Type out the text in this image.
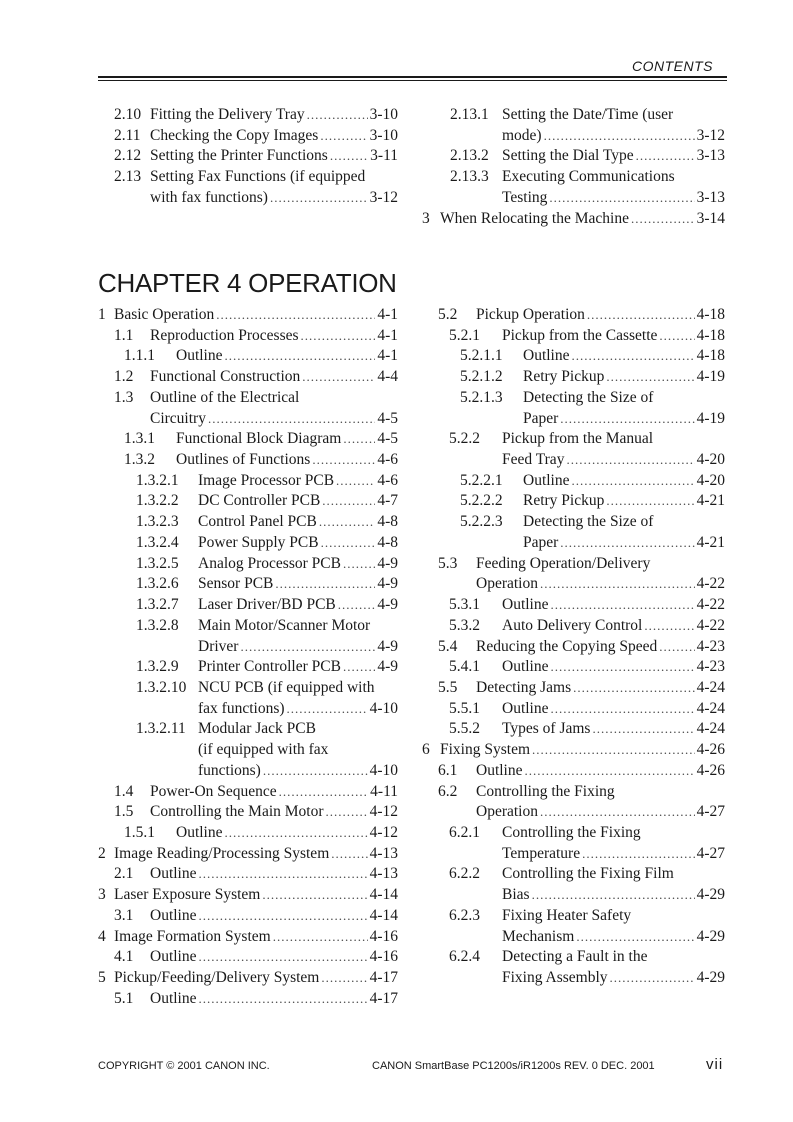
CONTENTS
2.10 Fitting the Delivery Tray .....	3-10
2.11 Checking the Copy Images .....	3-10
2.12 Setting the Printer Functions .....	3-11
2.13 Setting Fax Functions (if equipped
with fax functions) .....	3-12
2.13.1 Setting the Date/Time (user
mode) .....	3-12
2.13.2 Setting the Dial Type .....	3-13
2.13.3 Executing Communications
Testing .....	3-13
3 When Relocating the Machine .....	3-14
CHAPTER 4 OPERATION
1 Basic Operation .....	4-1
1.1 Reproduction Processes .....	4-1
1.1.1 Outline .....	4-1
1.2 Functional Construction .....	4-4
1.3 Outline of the Electrical
Circuitry .....	4-5
1.3.1 Functional Block Diagram ..... 4-5
1.3.2 Outlines of Functions .....	4-6
1.3.2.1 Image Processor PCB .....	4-6
1.3.2.2 DC Controller PCB .....	4-7
1.3.2.3 Control Panel PCB .....	4-8
1.3.2.4 Power Supply PCB .....	4-8
1.3.2.5 Analog Processor PCB ..... 4-9
1.3.2.6 Sensor PCB .....	4-9
1.3.2.7 Laser Driver/BD PCB .....	4-9
1.3.2.8 Main Motor/Scanner Motor
Driver .....	4-9
1.3.2.9 Printer Controller PCB ..... 4-9
1.3.2.10 NCU PCB (if equipped with
fax functions) .....	4-10
1.3.2.11 Modular Jack PCB
(if equipped with fax
functions) .....	4-10
1.4 Power-On Sequence .....	4-11
1.5 Controlling the Main Motor .....	4-12
1.5.1 Outline .....	4-12
2 Image Reading/Processing System .....	4-13
2.1 Outline .....	4-13
3 Laser Exposure System .....	4-14
3.1 Outline .....	4-14
4 Image Formation System .....	4-16
4.1 Outline .....	4-16
5 Pickup/Feeding/Delivery System .....	4-17
5.1 Outline .....	4-17
5.2 Pickup Operation .....	4-18
5.2.1 Pickup from the Cassette .....	4-18
5.2.1.1 Outline .....	4-18
5.2.1.2 Retry Pickup .....	4-19
5.2.1.3 Detecting the Size of
Paper .....	4-19
5.2.2 Pickup from the Manual
Feed Tray .....	4-20
5.2.2.1 Outline .....	4-20
5.2.2.2 Retry Pickup .....	4-21
5.2.2.3 Detecting the Size of
Paper .....	4-21
5.3 Feeding Operation/Delivery
Operation .....	4-22
5.3.1 Outline .....	4-22
5.3.2 Auto Delivery Control .....	4-22
5.4 Reducing the Copying Speed .....	4-23
5.4.1 Outline .....	4-23
5.5 Detecting Jams .....	4-24
5.5.1 Outline .....	4-24
5.5.2 Types of Jams .....	4-24
6 Fixing System .....	4-26
6.1 Outline .....	4-26
6.2 Controlling the Fixing
Operation .....	4-27
6.2.1 Controlling the Fixing
Temperature .....	4-27
6.2.2 Controlling the Fixing Film
Bias .....	4-29
6.2.3 Fixing Heater Safety
Mechanism .....	4-29
6.2.4 Detecting a Fault in the
Fixing Assembly .....	4-29
COPYRIGHT © 2001 CANON INC.	CANON SmartBase PC1200s/iR1200s REV. 0 DEC. 2001	vii
